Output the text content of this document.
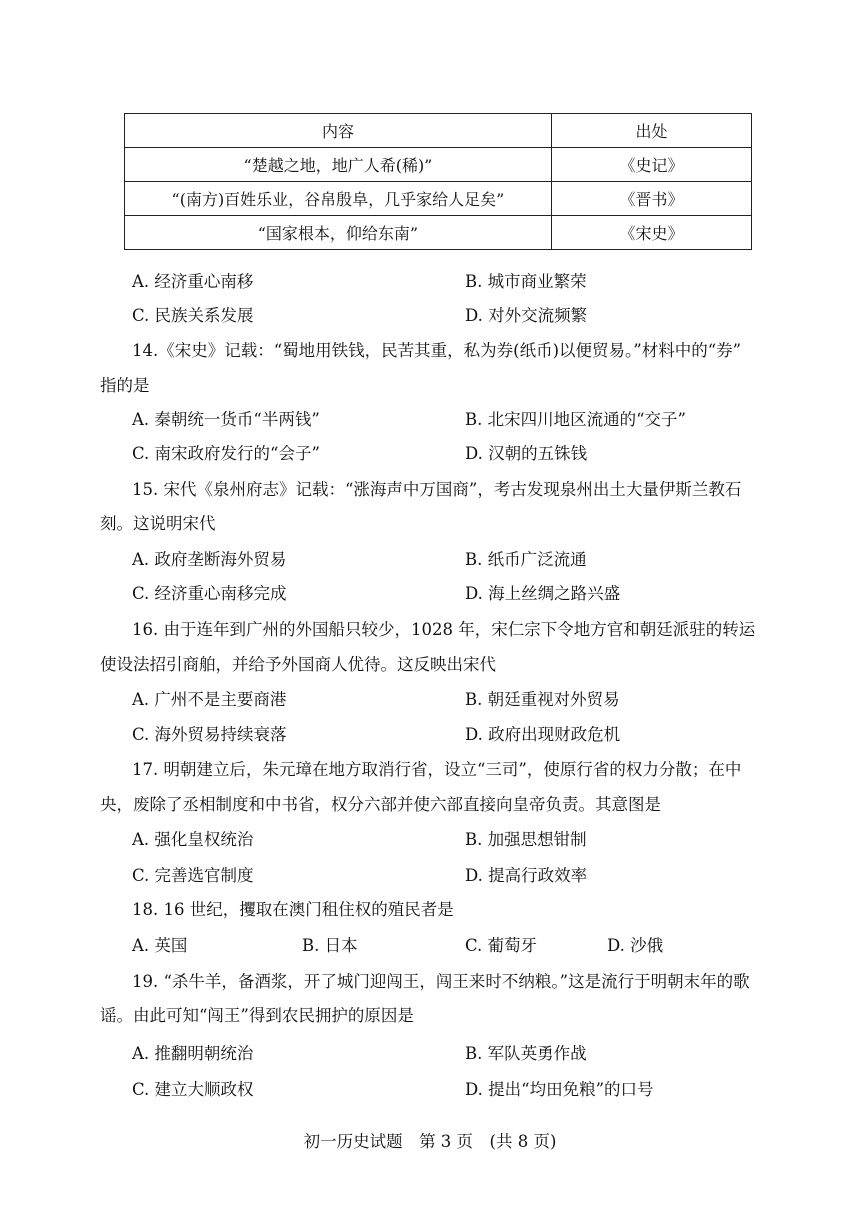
内容	出处
“楚越之地，地广人希(稀)”	《史记》
“(南方)百姓乐业，谷帛殷阜，几乎家给人足矣”	《晋书》
“国家根本，仰给东南”	《宋史》
A. 经济重心南移	B. 城市商业繁荣
C. 民族关系发展	D. 对外交流频繁
14.《宋史》记载：“蜀地用铁钱，民苦其重，私为券(纸币)以便贸易。”材料中的“券”
指的是
A. 秦朝统一货币“半两钱”	B. 北宋四川地区流通的“交子”
C. 南宋政府发行的“会子”	D. 汉朝的五铢钱
15. 宋代《泉州府志》记载：“涨海声中万国商”，考古发现泉州出土大量伊斯兰教石
刻。这说明宋代
A. 政府垄断海外贸易	B. 纸币广泛流通
C. 经济重心南移完成	D. 海上丝绸之路兴盛
16. 由于连年到广州的外国船只较少，1028 年，宋仁宗下令地方官和朝廷派驻的转运
使设法招引商舶，并给予外国商人优待。这反映出宋代
A. 广州不是主要商港	B. 朝廷重视对外贸易
C. 海外贸易持续衰落	D. 政府出现财政危机
17. 明朝建立后，朱元璋在地方取消行省，设立“三司”，使原行省的权力分散；在中
央，废除了丞相制度和中书省，权分六部并使六部直接向皇帝负责。其意图是
A. 强化皇权统治	B. 加强思想钳制
C. 完善选官制度	D. 提高行政效率
18. 16 世纪，攫取在澳门租住权的殖民者是
A. 英国	B. 日本	C. 葡萄牙	D. 沙俄
19. “杀牛羊，备酒浆，开了城门迎闯王，闯王来时不纳粮。”这是流行于明朝末年的歌
谣。由此可知“闯王”得到农民拥护的原因是
A. 推翻明朝统治	B. 军队英勇作战
C. 建立大顺政权	D. 提出“均田免粮”的口号
初一历史试题　第 3 页　(共 8 页)
